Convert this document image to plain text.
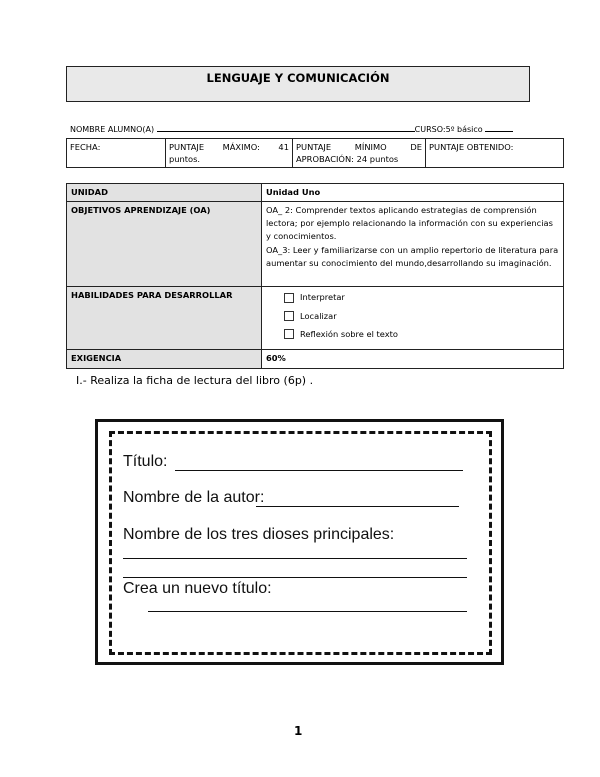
LENGUAJE Y COMUNICACIÓN
NOMBRE ALUMNO(A)	CURSO:5º básico
FECHA:	PUNTAJE MÁXIMO: 41 puntos.	PUNTAJE MÍNIMO DE APROBACIÓN: 24 puntos	PUNTAJE OBTENIDO:
UNIDAD	Unidad Uno
OBJETIVOS APRENDIZAJE (OA)	OA_ 2: Comprender textos aplicando estrategias de comprensión lectora; por ejemplo relacionando la información con su experiencias y conocimientos.
OA_3: Leer y familiarizarse con un amplio repertorio de literatura para aumentar su conocimiento del mundo,desarrollando su imaginación.

HABILIDADES PARA DESARROLLAR	Interpretar
Localizar
Reflexión sobre el texto

EXIGENCIA	60%
I.- Realiza la ficha de lectura del libro (6p) .
Título:
Nombre de la autor:
Nombre de los tres dioses principales:
Crea un nuevo título:
1
